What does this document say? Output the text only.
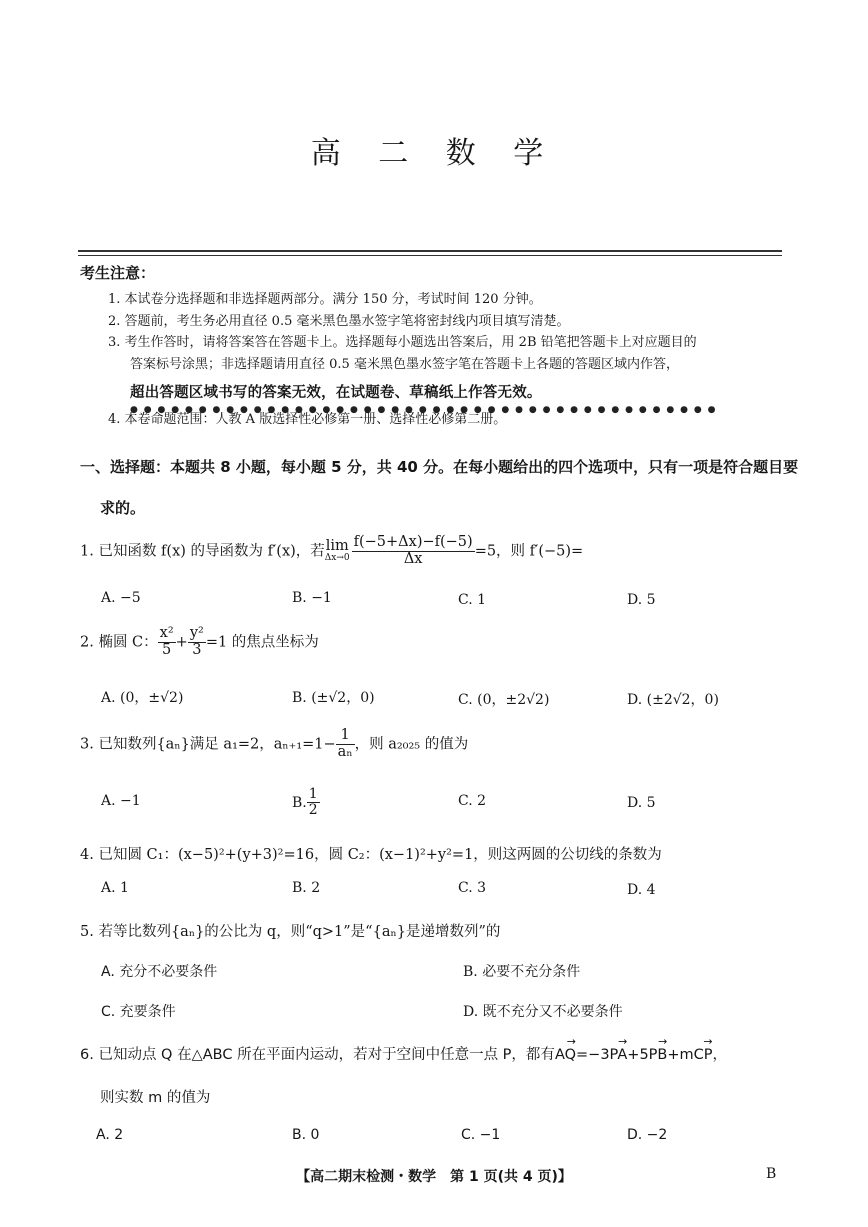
高 二 数 学
考生注意：
1. 本试卷分选择题和非选择题两部分。满分 150 分，考试时间 120 分钟。
2. 答题前，考生务必用直径 0.5 毫米黑色墨水签字笔将密封线内项目填写清楚。
3. 考生作答时，请将答案答在答题卡上。选择题每小题选出答案后，用 2B 铅笔把答题卡上对应题目的
答案标号涂黑；非选择题请用直径 0.5 毫米黑色墨水签字笔在答题卡上各题的答题区域内作答，
超出答题区域书写的答案无效，在试题卷、草稿纸上作答无效。
●●●●●●●●●●●●●●●●●●●●●●●●●●●●●●●●●●●●●●●●●●●
4. 本卷命题范围：人教 A 版选择性必修第一册、选择性必修第二册。
一、选择题：本题共 8 小题，每小题 5 分，共 40 分。在每小题给出的四个选项中，只有一项是符合题目要
求的。
1. 已知函数 f(x) 的导函数为 f′(x)，若lim
$\Delta x\to 0 \frac{f(-5+\Delta x)-f(-5)}{\Delta x} =5$，则 f′(−5)=
A. −5	B. −1	C. 1	D. 5
2. 椭圆 C： $\frac{\text{x²}}{5} + \frac{\text{y²}}{3} =1$ 的焦点坐标为
A. (0，±√2)	B. (±√2，0)	C. (0，±2√2)	D. (±2√2，0)
3. 已知数列{aₙ}满足 a₁=2，$a_{n+1}=1- \frac{1}{\text{aₙ}}$ ，则 a₂₀₂₅ 的值为
A. −1	B. $\frac{1}{2}$	C. 2	D. 5
4. 已知圆 C₁：(x−5)²+(y+3)²=16，圆 C₂：(x−1)²+y²=1，则这两圆的公切线的条数为
A. 1	B. 2	C. 3	D. 4
5. 若等比数列{aₙ}的公比为 q，则“q>1”是“{aₙ}是递增数列”的
A. 充分不必要条件	B. 必要不充分条件
C. 充要条件	D. 既不充分又不必要条件
6. 已知动点 Q 在△ABC 所在平面内运动，若对于空间中任意一点 P，都有→ AQ=−3→ PA+5→ PB+m→ CP，
则实数 m 的值为
A. 2	B. 0	C. −1	D. −2
【高二期末检测・数学　第 1 页(共 4 页)】	B
